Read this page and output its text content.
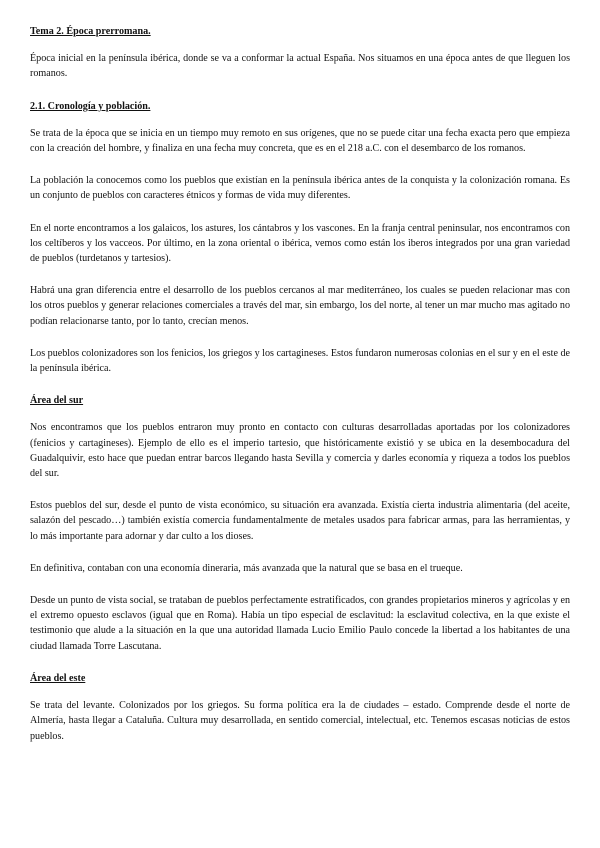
Tema 2. Época prerromana.

Época inicial en la península ibérica, donde se va a conformar la actual España. Nos situamos en una época antes de que lleguen los romanos.

2.1. Cronología y población.

Se trata de la época que se inicia en un tiempo muy remoto en sus orígenes, que no se puede citar una fecha exacta pero que empieza con la creación del hombre, y finaliza en una fecha muy concreta, que es en el 218 a.C. con el desembarco de los romanos.

La población la conocemos como los pueblos que existían en la península ibérica antes de la conquista y la colonización romana. Es un conjunto de pueblos con caracteres étnicos y formas de vida muy diferentes.

En el norte encontramos a los galaicos, los astures, los cántabros y los vascones. En la franja central peninsular, nos encontramos con los celtíberos y los vacceos. Por último, en la zona oriental o ibérica, vemos como están los iberos integrados por una gran variedad de pueblos (turdetanos y tartesios).

Habrá una gran diferencia entre el desarrollo de los pueblos cercanos al mar mediterráneo, los cuales se pueden relacionar mas con los otros pueblos y generar relaciones comerciales a través del mar, sin embargo, los del norte, al tener un mar mucho mas agitado no podían relacionarse tanto, por lo tanto, crecían menos.

Los pueblos colonizadores son los fenicios, los griegos y los cartagineses. Estos fundaron numerosas colonias en el sur y en el este de la península ibérica.

Área del sur

Nos encontramos que los pueblos entraron muy pronto en contacto con culturas desarrolladas aportadas por los colonizadores (fenicios y cartagineses). Ejemplo de ello es el imperio tartesio, que históricamente existió y se ubica en la desembocadura del Guadalquivir, esto hace que puedan entrar barcos llegando hasta Sevilla y comercia y darles economía y riqueza a todos los pueblos del sur.

Estos pueblos del sur, desde el punto de vista económico, su situación era avanzada. Existía cierta industria alimentaria (del aceite, salazón del pescado…) también existía comercia fundamentalmente de metales usados para fabricar armas, para las herramientas, y lo más importante para adornar y dar culto a los dioses.

En definitiva, contaban con una economía dineraria, más avanzada que la natural que se basa en el trueque.

Desde un punto de vista social, se trataban de pueblos perfectamente estratificados, con grandes propietarios mineros y agrícolas y en el extremo opuesto esclavos (igual que en Roma). Había un tipo especial de esclavitud: la esclavitud colectiva, en la que existe el testimonio que alude a la situación en la que una autoridad llamada Lucio Emilio Paulo concede la libertad a los habitantes de una ciudad llamada Torre Lascutana.

Área del este

Se trata del levante. Colonizados por los griegos. Su forma política era la de ciudades – estado. Comprende desde el norte de Almería, hasta llegar a Cataluña. Cultura muy desarrollada, en sentido comercial, intelectual, etc. Tenemos escasas noticias de estos pueblos.
